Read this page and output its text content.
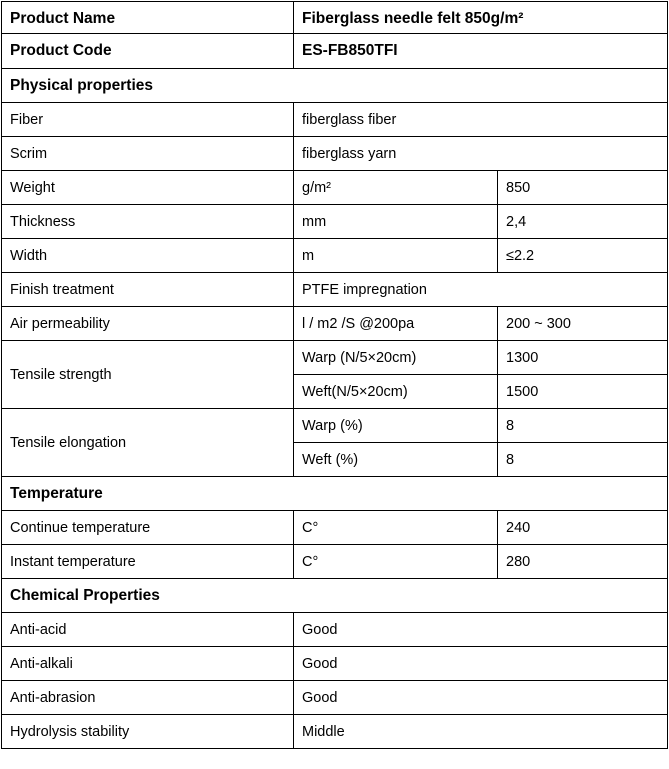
Product Name	Fiberglass needle felt 850g/m²	
Product Code	ES-FB850TFI	
Physical properties		
Fiber	fiberglass fiber	
Scrim	fiberglass yarn	
Weight	g/m²	850
Thickness	mm	2,4
Width	m	≤2.2
Finish treatment	PTFE impregnation	
Air permeability	l / m2 /S @200pa	200 ~ 300
Tensile strength	Warp (N/5×20cm)	1300
	Weft(N/5×20cm)	1500
Tensile elongation	Warp (%)	8
	Weft (%)	8
Temperature		
Continue temperature	C°	240
Instant temperature	C°	280
Chemical Properties		
Anti-acid	Good	
Anti-alkali	Good	
Anti-abrasion	Good	
Hydrolysis stability	Middle	
